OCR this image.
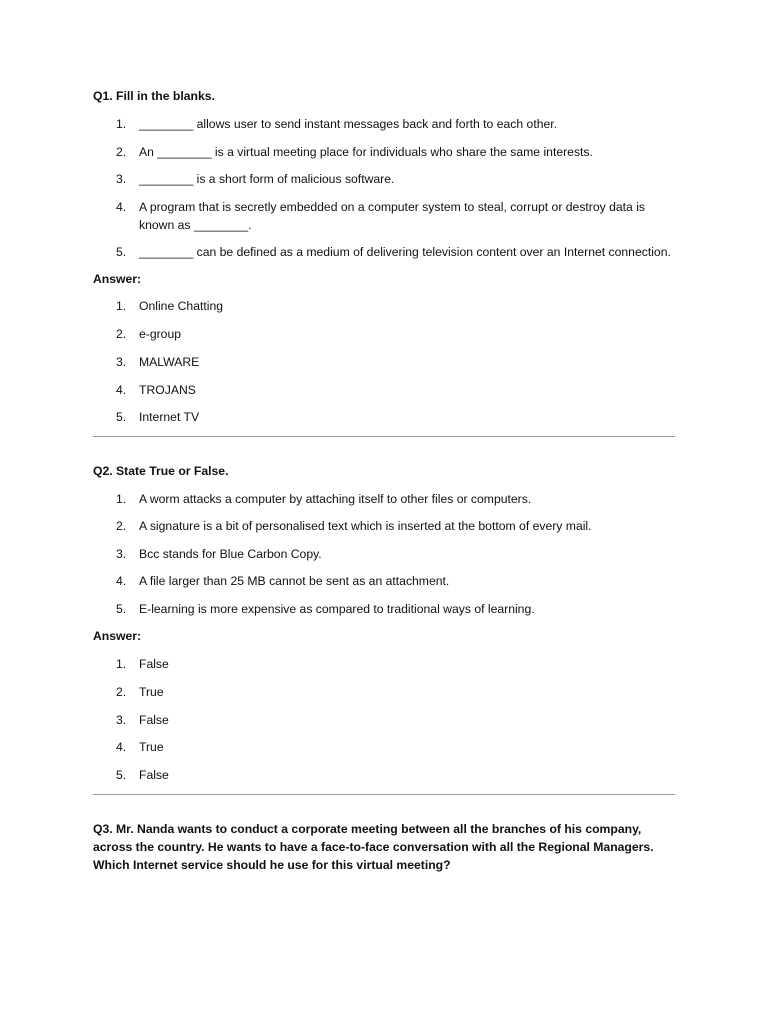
Q1. Fill in the blanks.

1.	________ allows user to send instant messages back and forth to each other.
2.	An ________ is a virtual meeting place for individuals who share the same interests.
3.	________ is a short form of malicious software.
4.	A program that is secretly embedded on a computer system to steal, corrupt or destroy data is known as ________.
5.	________ can be defined as a medium of delivering television content over an Internet connection.

Answer:

1.	Online Chatting
2.	e-group
3.	MALWARE
4.	TROJANS
5.	Internet TV

Q2. State True or False.

1.	A worm attacks a computer by attaching itself to other files or computers.
2.	A signature is a bit of personalised text which is inserted at the bottom of every mail.
3.	Bcc stands for Blue Carbon Copy.
4.	A file larger than 25 MB cannot be sent as an attachment.
5.	E-learning is more expensive as compared to traditional ways of learning.

Answer:

1.	False
2.	True
3.	False
4.	True
5.	False

Q3. Mr. Nanda wants to conduct a corporate meeting between all the branches of his company, across the country. He wants to have a face-to-face conversation with all the Regional Managers. Which Internet service should he use for this virtual meeting?
